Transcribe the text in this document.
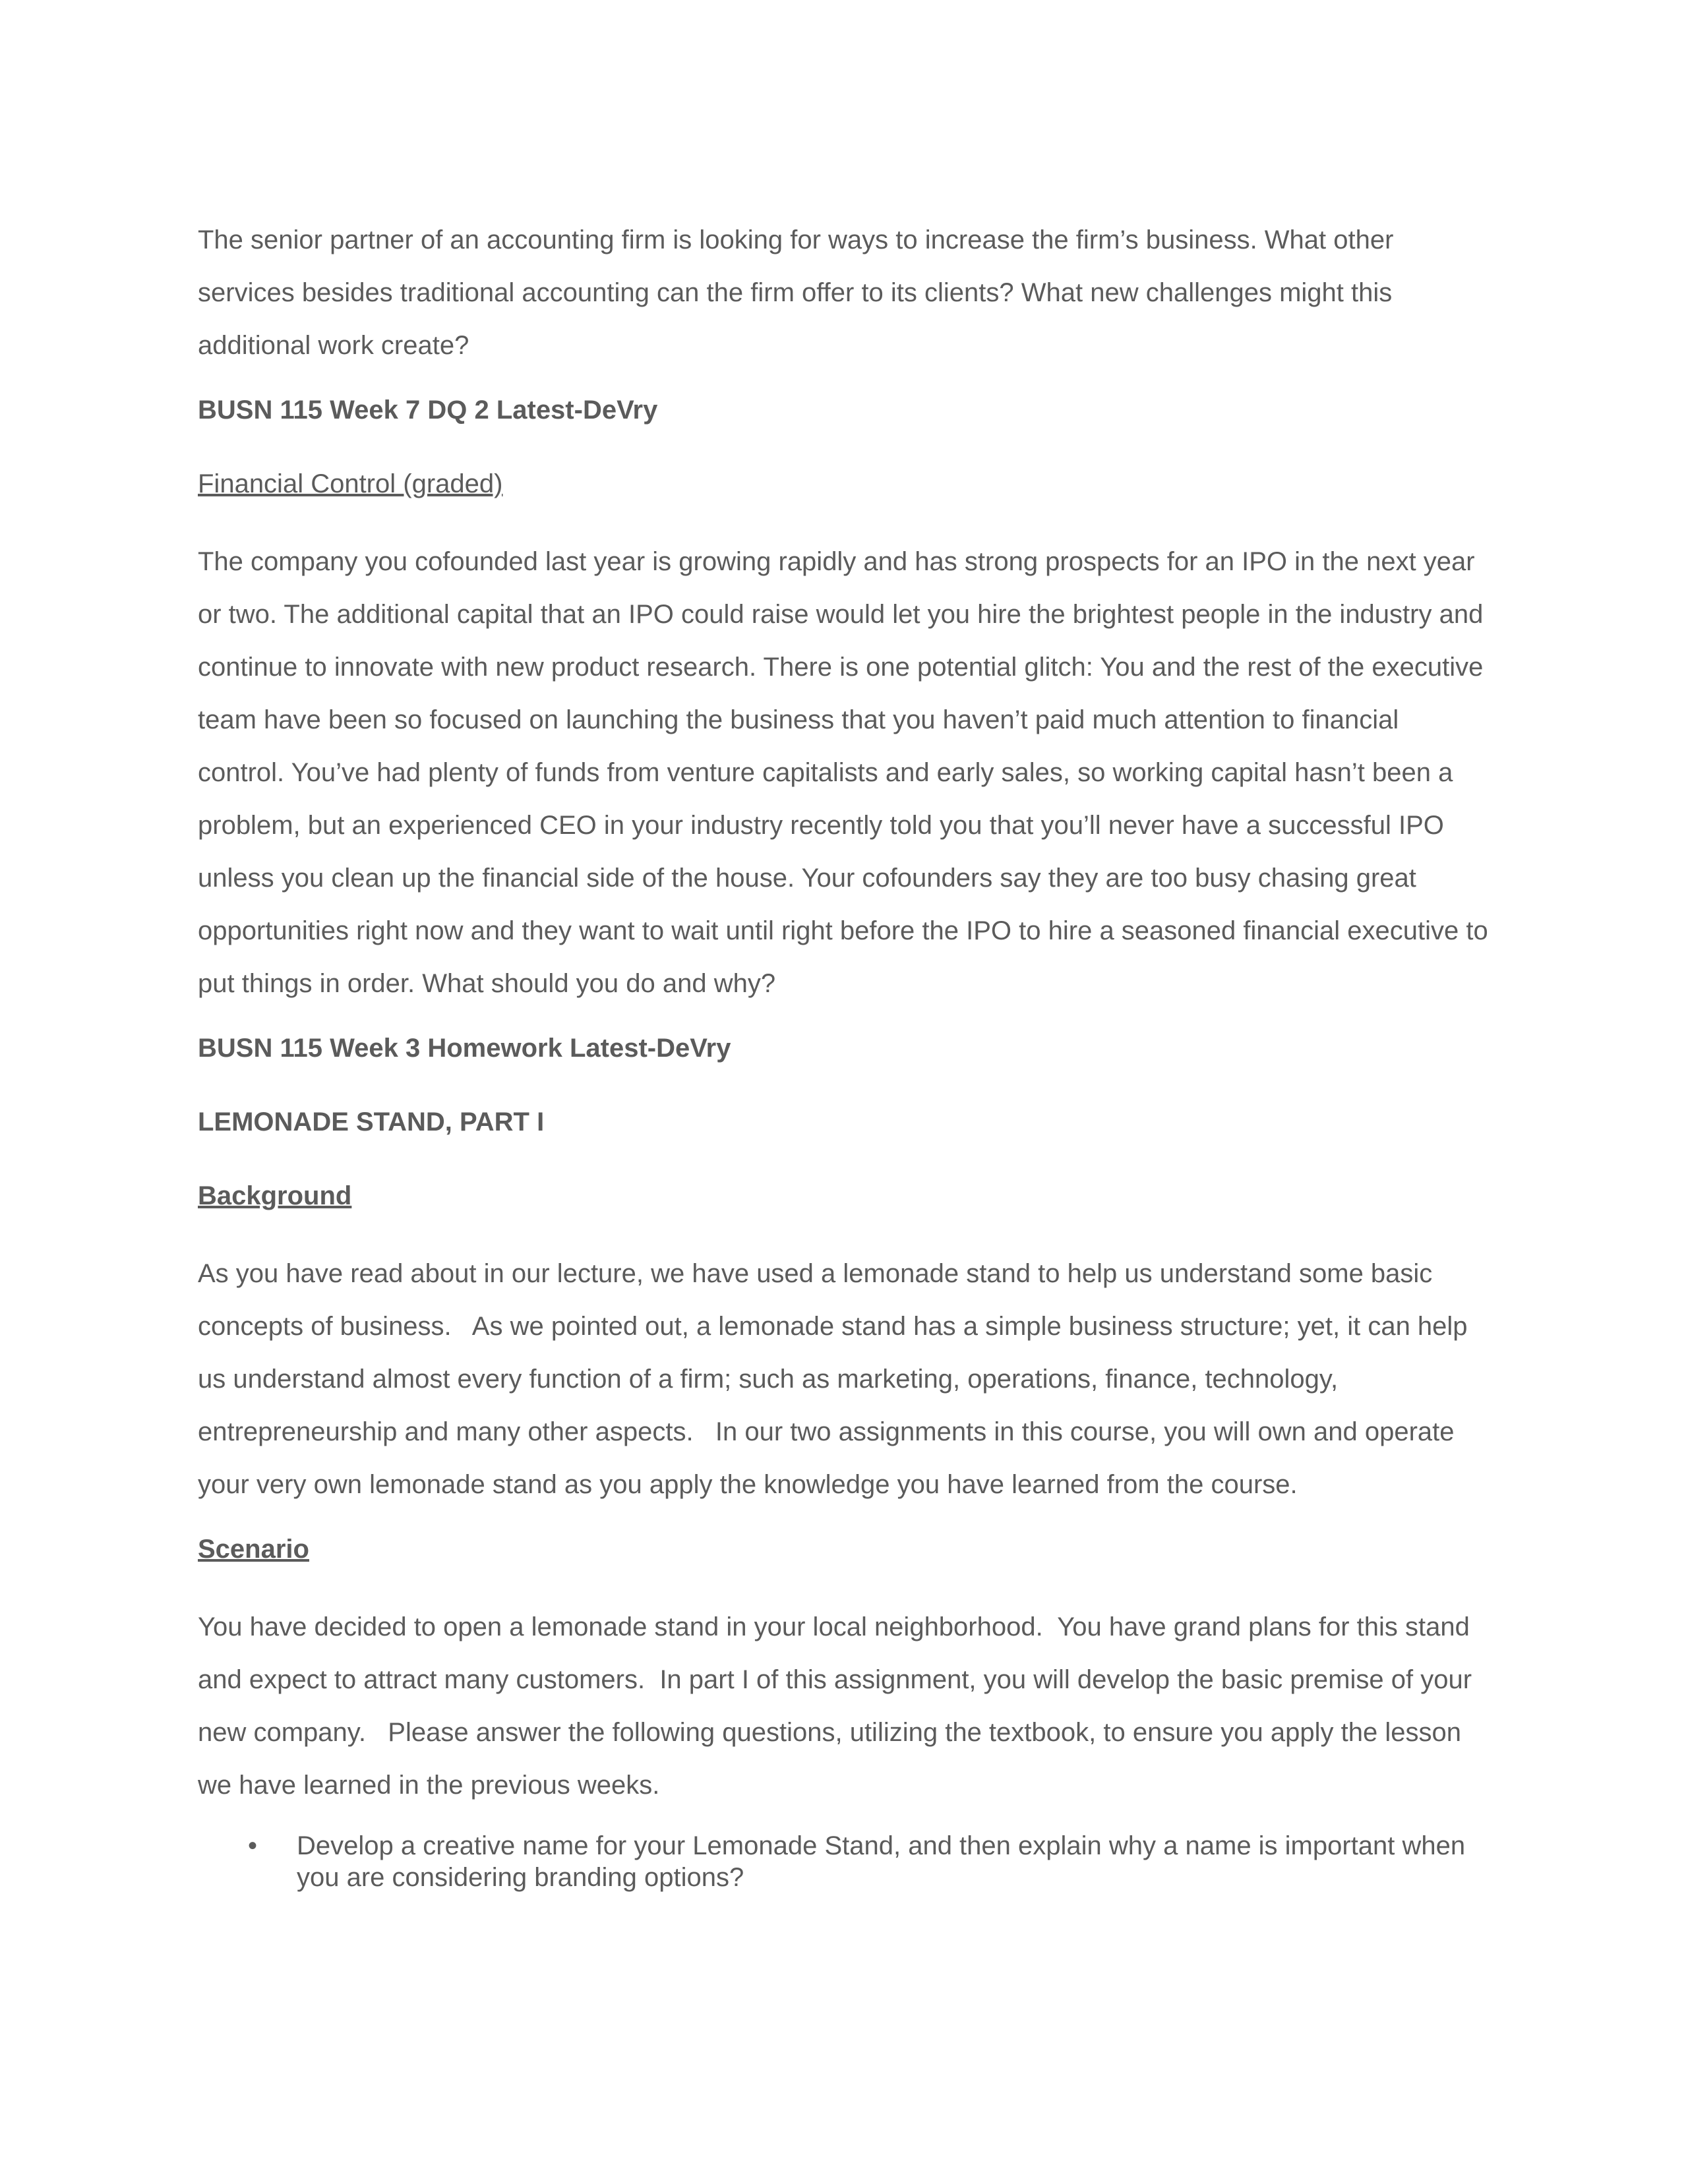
The senior partner of an accounting firm is looking for ways to increase the firm’s business. What other services besides traditional accounting can the firm offer to its clients? What new challenges might this additional work create?

BUSN 115 Week 7 DQ 2 Latest-DeVry
Financial Control (graded)

The company you cofounded last year is growing rapidly and has strong prospects for an IPO in the next year or two. The additional capital that an IPO could raise would let you hire the brightest people in the industry and continue to innovate with new product research. There is one potential glitch: You and the rest of the executive team have been so focused on launching the business that you haven’t paid much attention to financial control. You’ve had plenty of funds from venture capitalists and early sales, so working capital hasn’t been a problem, but an experienced CEO in your industry recently told you that you’ll never have a successful IPO unless you clean up the financial side of the house. Your cofounders say they are too busy chasing great opportunities right now and they want to wait until right before the IPO to hire a seasoned financial executive to put things in order. What should you do and why?

BUSN 115 Week 3 Homework Latest-DeVry
LEMONADE STAND, PART I
Background

As you have read about in our lecture, we have used a lemonade stand to help us understand some basic concepts of business.   As we pointed out, a lemonade stand has a simple business structure; yet, it can help us understand almost every function of a firm; such as marketing, operations, finance, technology, entrepreneurship and many other aspects.   In our two assignments in this course, you will own and operate your very own lemonade stand as you apply the knowledge you have learned from the course.

Scenario

You have decided to open a lemonade stand in your local neighborhood.  You have grand plans for this stand and expect to attract many customers.  In part I of this assignment, you will develop the basic premise of your new company.   Please answer the following questions, utilizing the textbook, to ensure you apply the lesson we have learned in the previous weeks.

• Develop a creative name for your Lemonade Stand, and then explain why a name is important when you are considering branding options?
